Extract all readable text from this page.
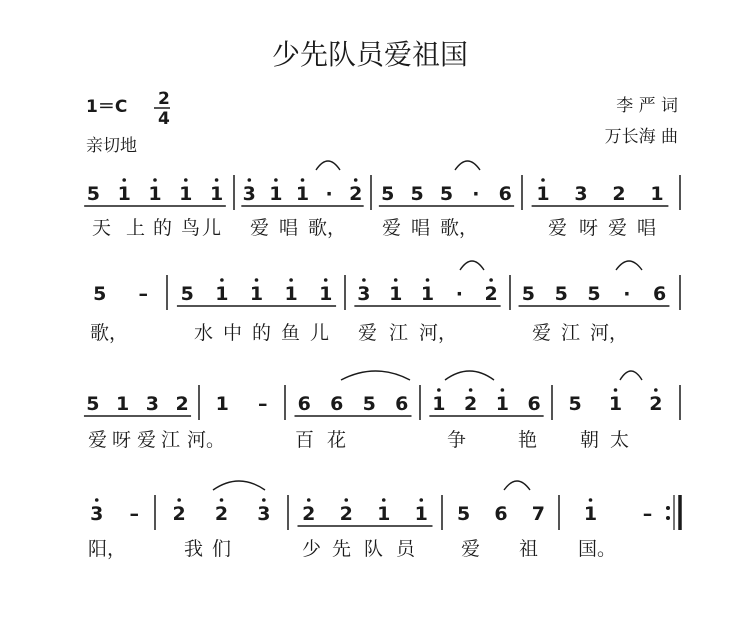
少先队员爱祖国
1＝C 2
4
亲切地
李 严 词
万长海 曲
5 1 1 1 1 3 1 1 · 2 5 5 5 · 6 1 3 2 1
天 上 的 鸟 儿 爱 唱 歌， 爱 唱 歌，	爱 呀 爱 唱
5 – 5 1 1 1 1 3 1 1 · 2 5 5 5 · 6
歌，	水 中 的 鱼 儿 爱 江 河，	爱 江 河，
5 1 3 2 1 – 6 6 5 6 1 2 1 6 5 1 2
爱 呀 爱 江 河。	百 花	争	艳 朝 太
3 – 2 2 3 2 2 1 1 5 6 7 1 –
阳，	我 们	少 先 队 员 爱 祖 国。
